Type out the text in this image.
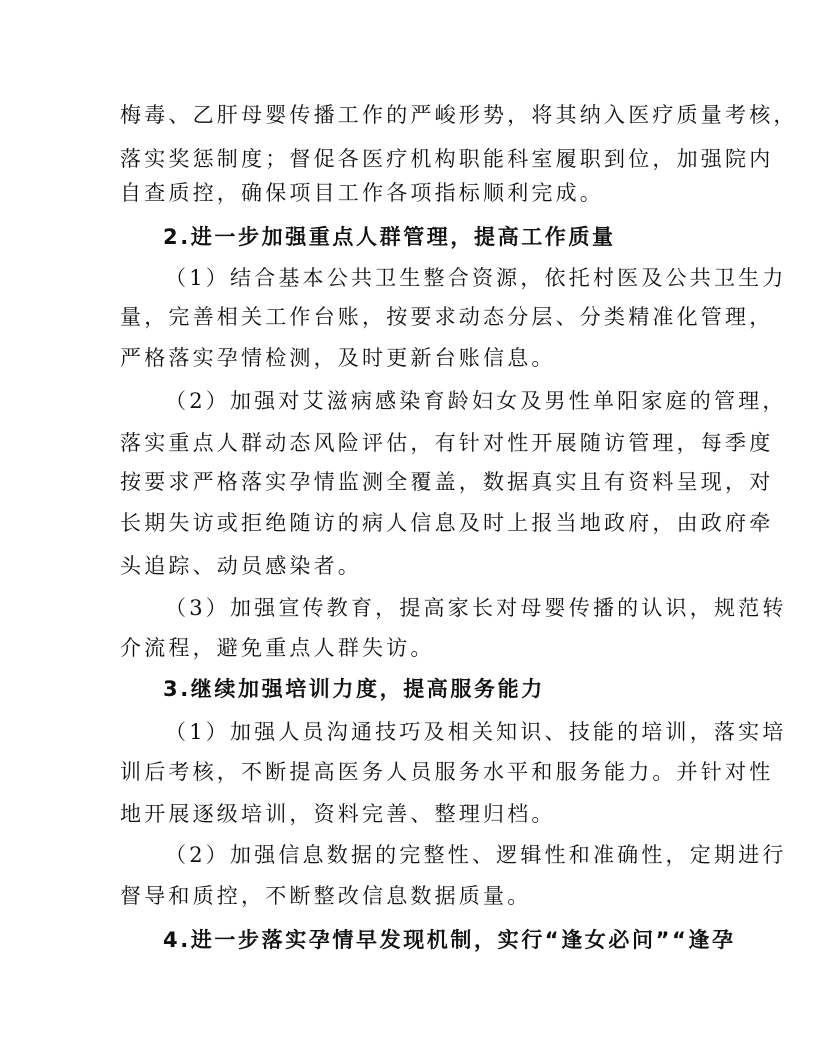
梅毒、乙肝母婴传播工作的严峻形势，将其纳入医疗质量考核，
落实奖惩制度；督促各医疗机构职能科室履职到位，加强院内
自查质控，确保项目工作各项指标顺利完成。
2.进一步加强重点人群管理，提高工作质量
（1）结合基本公共卫生整合资源，依托村医及公共卫生力
量，完善相关工作台账，按要求动态分层、分类精准化管理，
严格落实孕情检测，及时更新台账信息。
（2）加强对艾滋病感染育龄妇女及男性单阳家庭的管理，
落实重点人群动态风险评估，有针对性开展随访管理，每季度
按要求严格落实孕情监测全覆盖，数据真实且有资料呈现，对
长期失访或拒绝随访的病人信息及时上报当地政府，由政府牵
头追踪、动员感染者。
（3）加强宣传教育，提高家长对母婴传播的认识，规范转
介流程，避免重点人群失访。
3.继续加强培训力度，提高服务能力
（1）加强人员沟通技巧及相关知识、技能的培训，落实培
训后考核，不断提高医务人员服务水平和服务能力。并针对性
地开展逐级培训，资料完善、整理归档。
（2）加强信息数据的完整性、逻辑性和准确性，定期进行
督导和质控，不断整改信息数据质量。
4.进一步落实孕情早发现机制，实行“逢女必问”“逢孕
